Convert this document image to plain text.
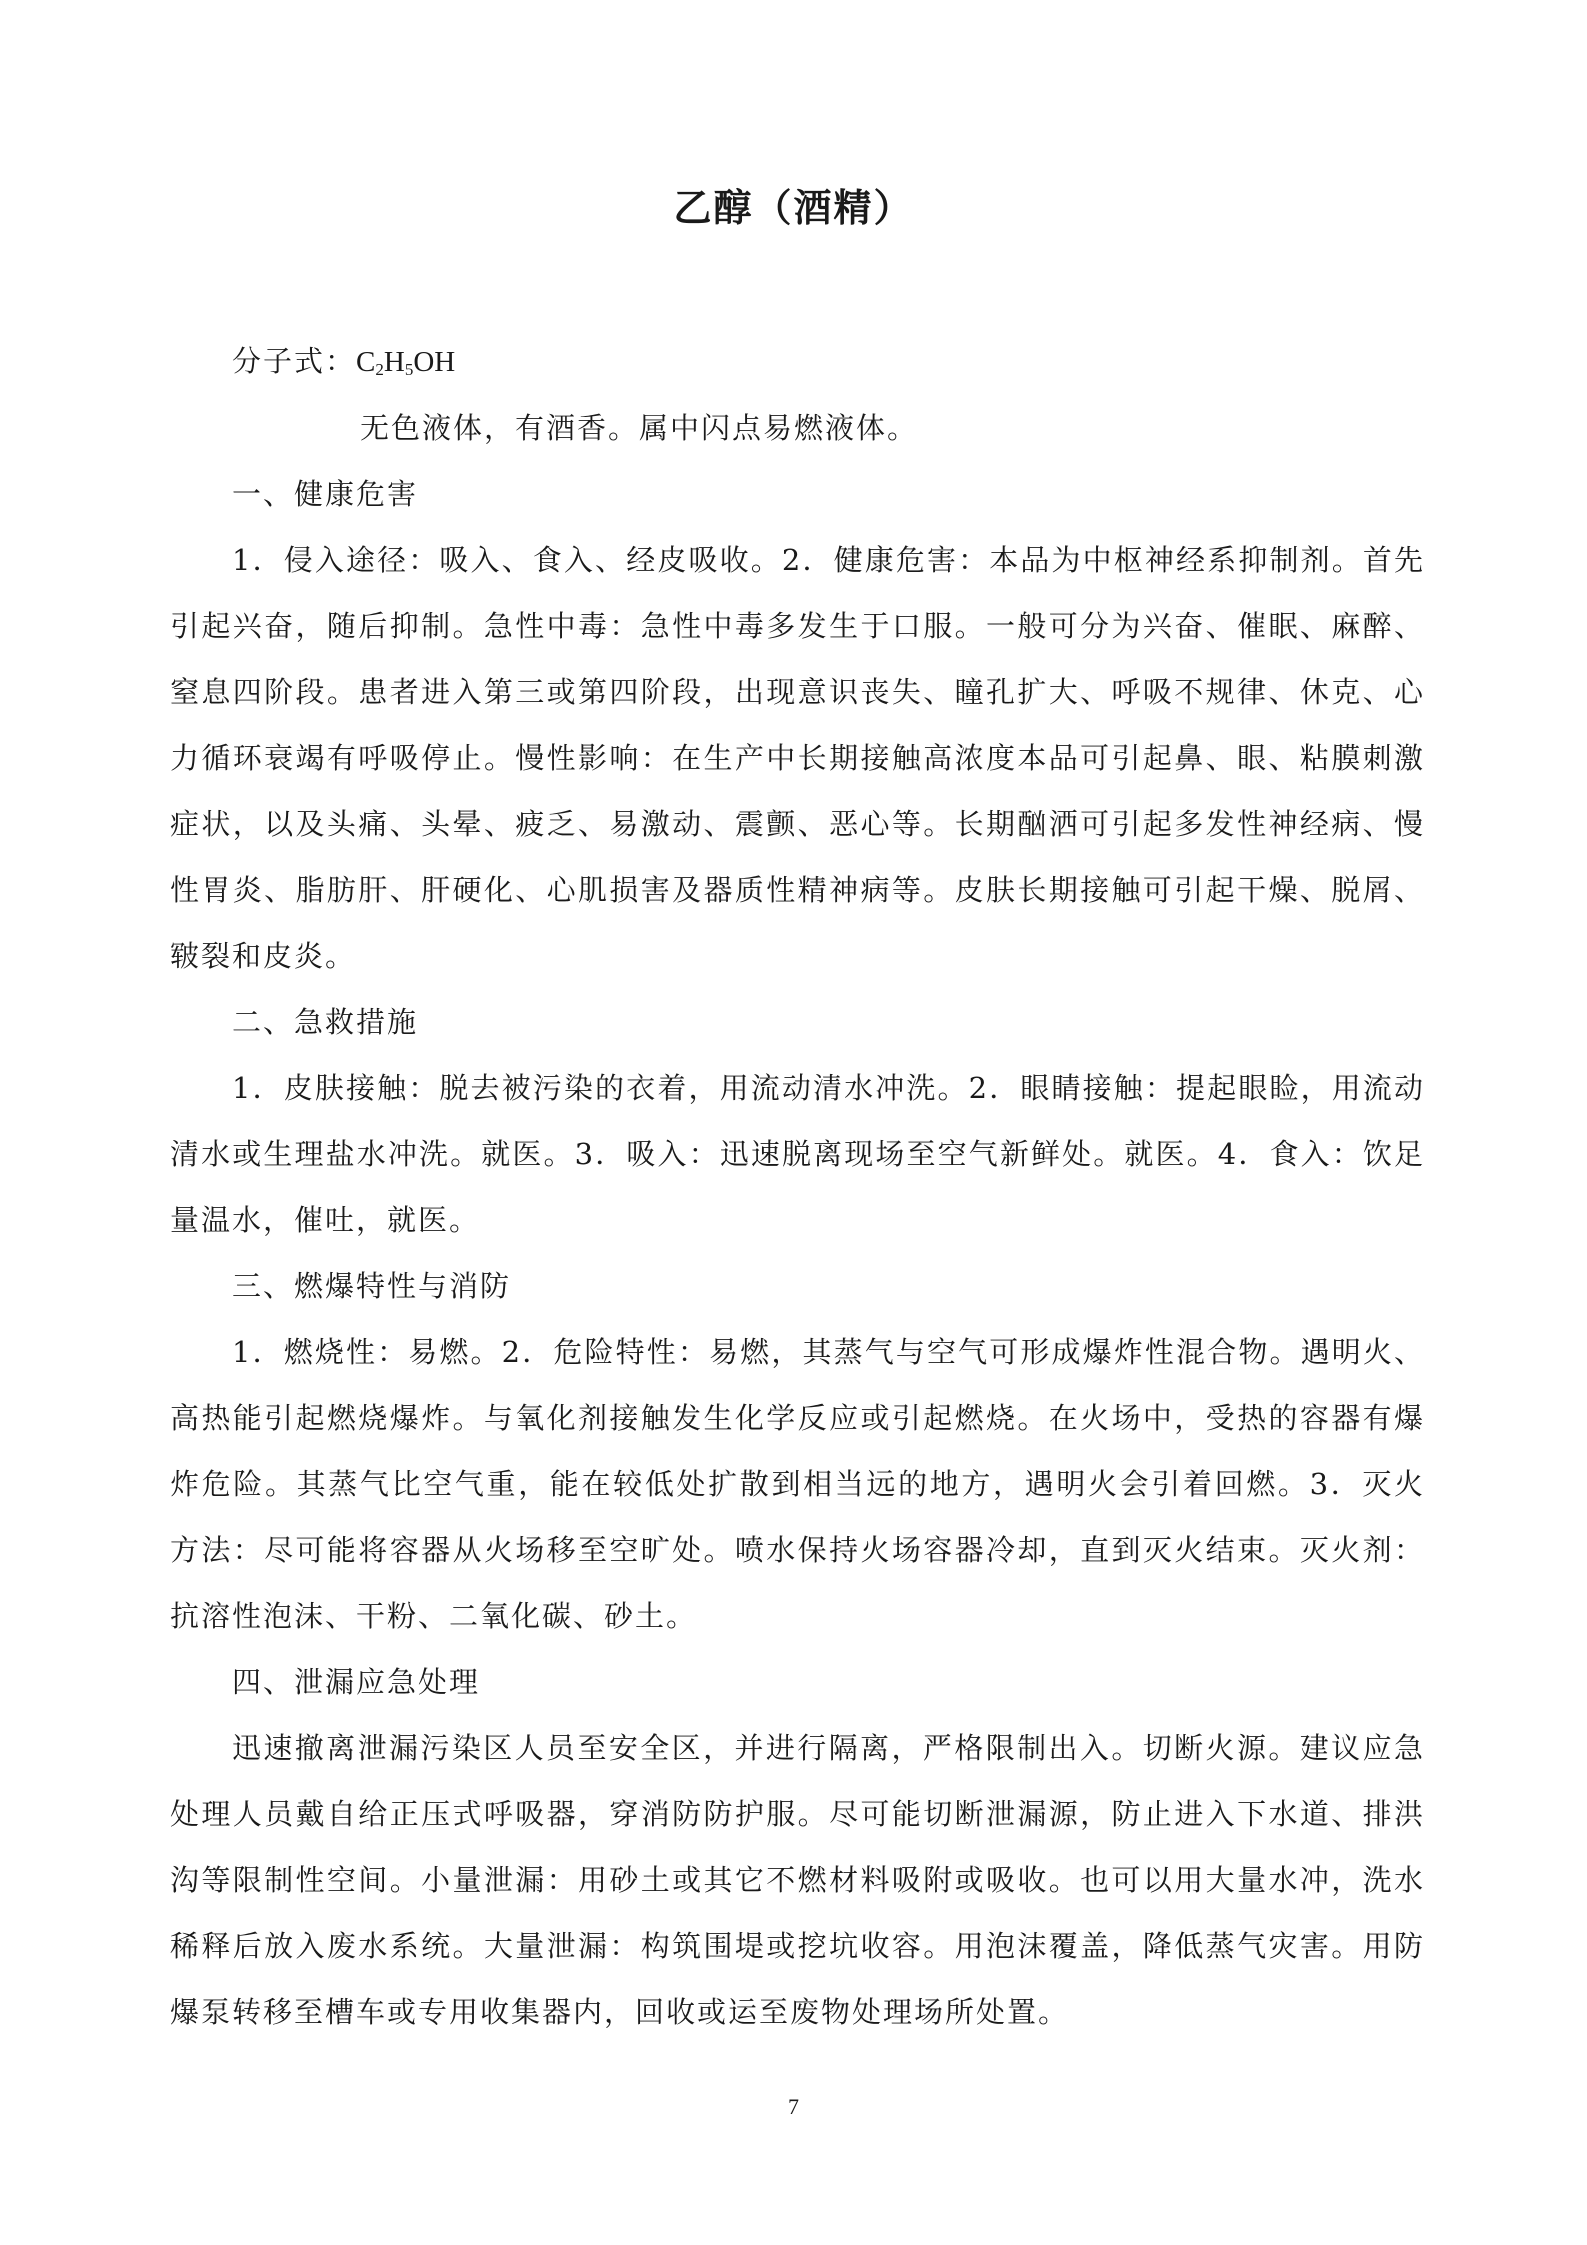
乙醇（酒精）

分子式：$C_2H_5OH$

无色液体，有酒香。属中闪点易燃液体。

一、健康危害

1．侵入途径：吸入、食入、经皮吸收。2．健康危害：本品为中枢神经系抑制剂。首先引起兴奋，随后抑制。急性中毒：急性中毒多发生于口服。一般可分为兴奋、催眠、麻醉、窒息四阶段。患者进入第三或第四阶段，出现意识丧失、瞳孔扩大、呼吸不规律、休克、心力循环衰竭有呼吸停止。慢性影响：在生产中长期接触高浓度本品可引起鼻、眼、粘膜刺激症状，以及头痛、头晕、疲乏、易激动、震颤、恶心等。长期酗洒可引起多发性神经病、慢性胃炎、脂肪肝、肝硬化、心肌损害及器质性精神病等。皮肤长期接触可引起干燥、脱屑、皲裂和皮炎。

二、急救措施

1．皮肤接触：脱去被污染的衣着，用流动清水冲洗。2．眼睛接触：提起眼睑，用流动清水或生理盐水冲洗。就医。3．吸入：迅速脱离现场至空气新鲜处。就医。4．食入：饮足量温水，催吐，就医。

三、燃爆特性与消防

1．燃烧性：易燃。2．危险特性：易燃，其蒸气与空气可形成爆炸性混合物。遇明火、高热能引起燃烧爆炸。与氧化剂接触发生化学反应或引起燃烧。在火场中，受热的容器有爆炸危险。其蒸气比空气重，能在较低处扩散到相当远的地方，遇明火会引着回燃。3．灭火方法：尽可能将容器从火场移至空旷处。喷水保持火场容器冷却，直到灭火结束。灭火剂：抗溶性泡沫、干粉、二氧化碳、砂土。

四、泄漏应急处理

迅速撤离泄漏污染区人员至安全区，并进行隔离，严格限制出入。切断火源。建议应急处理人员戴自给正压式呼吸器，穿消防防护服。尽可能切断泄漏源，防止进入下水道、排洪沟等限制性空间。小量泄漏：用砂土或其它不燃材料吸附或吸收。也可以用大量水冲，洗水稀释后放入废水系统。大量泄漏：构筑围堤或挖坑收容。用泡沫覆盖，降低蒸气灾害。用防爆泵转移至槽车或专用收集器内，回收或运至废物处理场所处置。

7
